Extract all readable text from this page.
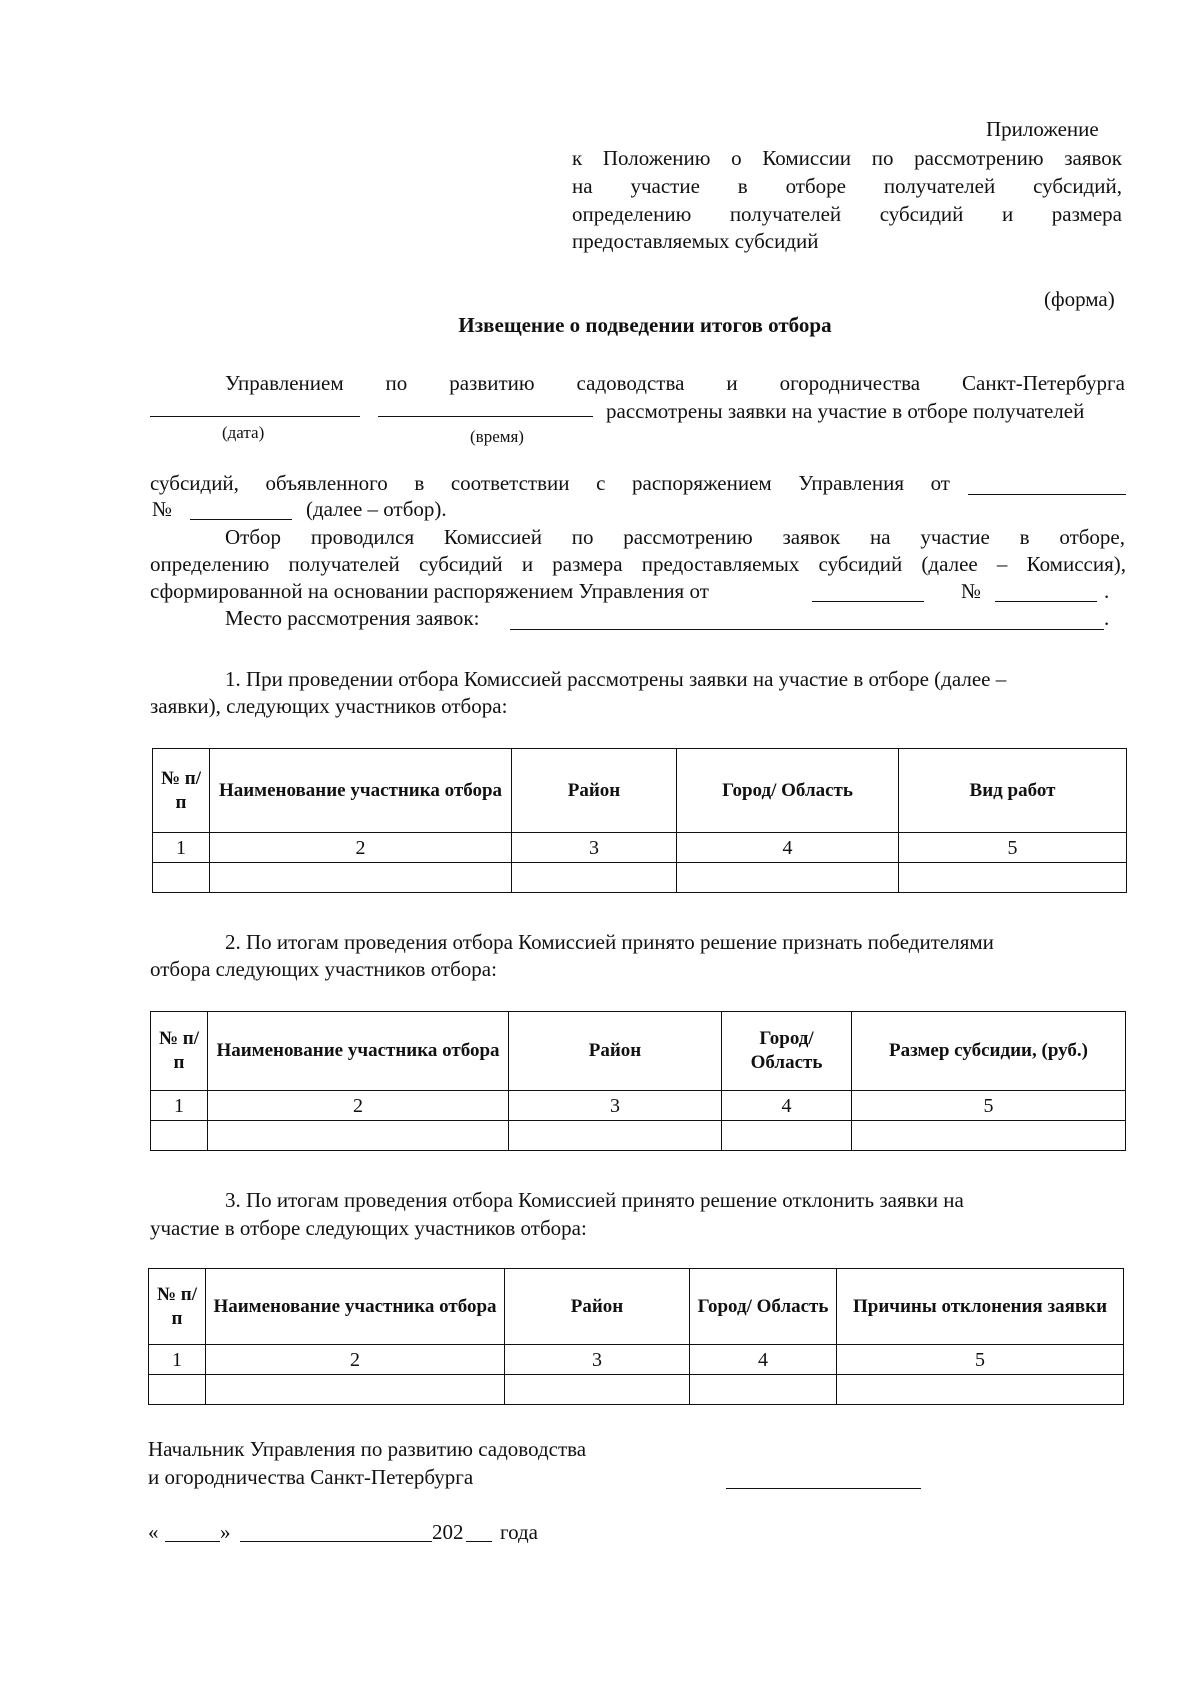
Приложение
к Положению о Комиссии по рассмотрению заявок
на участие в отборе получателей субсидий,
определению получателей субсидий и размера
предоставляемых субсидий
(форма)
Извещение о подведении итогов отбора
Управлением по развитию садоводства и огородничества Санкт-Петербурга
рассмотрены заявки на участие в отборе получателей
(дата)	(время)
субсидий, объявленного в соответствии с распоряжением Управления от
№	(далее – отбор).
Отбор проводился Комиссией по рассмотрению заявок на участие в отборе,
определению получателей субсидий и размера предоставляемых субсидий (далее – Комиссия),
сформированной на основании распоряжением Управления от	№	.
Место рассмотрения заявок:	.
1. При проведении отбора Комиссией рассмотрены заявки на участие в отборе (далее –
заявки), следующих участников отбора:
№ п/п	Наименование участника отбора	Район	Город/ Область	Вид работ
1	2	3	4	5

2. По итогам проведения отбора Комиссией принято решение признать победителями
отбора следующих участников отбора:
№ п/п	Наименование участника отбора	Район	Город/ Область	Размер субсидии, (руб.)
1	2	3	4	5

3. По итогам проведения отбора Комиссией принято решение отклонить заявки на
участие в отборе следующих участников отбора:
№ п/п	Наименование участника отбора	Район	Город/ Область	Причины отклонения заявки
1	2	3	4	5

Начальник Управления по развитию садоводства
и огородничества Санкт-Петербурга
«	»	202 года
